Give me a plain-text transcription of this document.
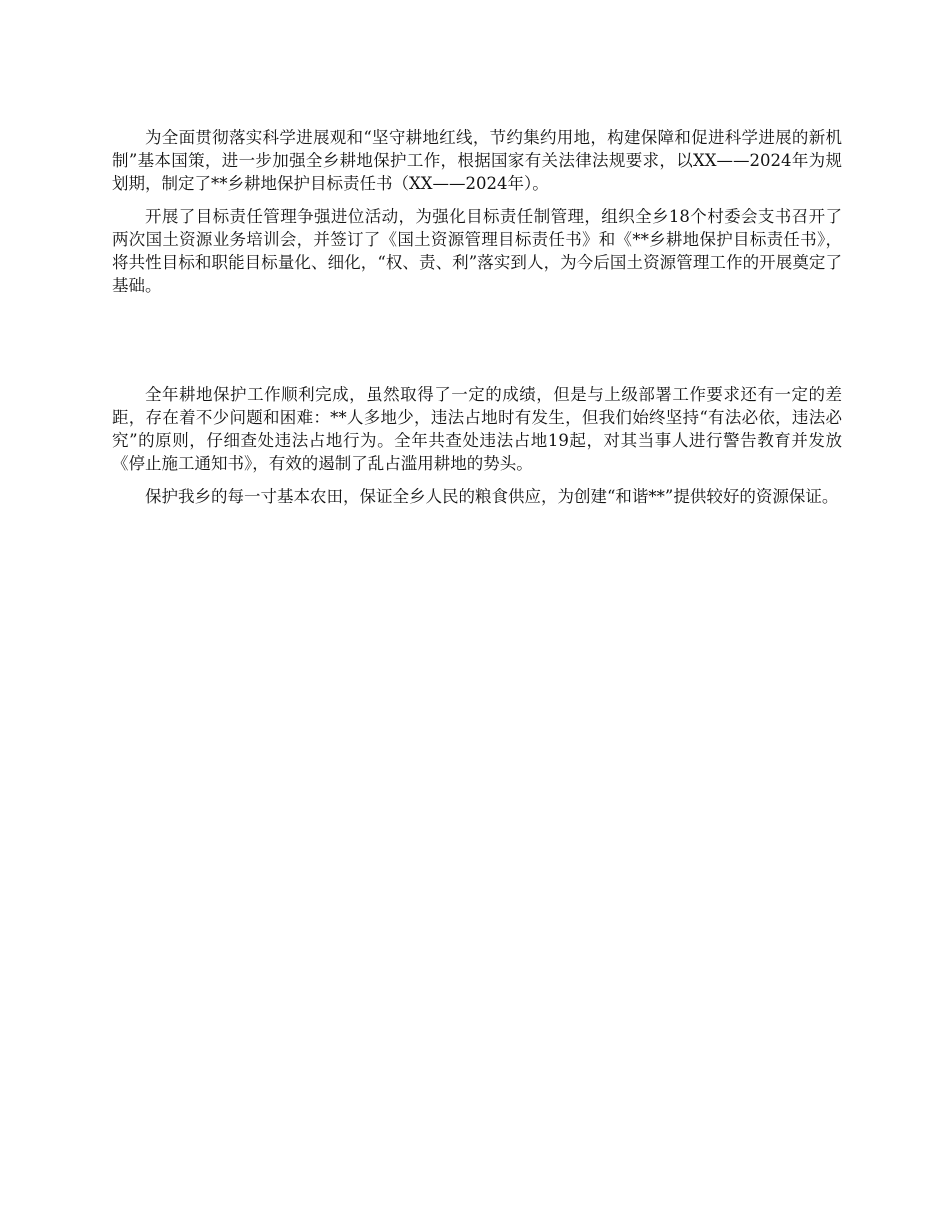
为全面贯彻落实科学进展观和“坚守耕地红线，节约集约用地，构建保障和促进科学进展的新机制”基本国策，进一步加强全乡耕地保护工作，根据国家有关法律法规要求，以XX——2024年为规划期，制定了**乡耕地保护目标责任书（XX——2024年）。

开展了目标责任管理争强进位活动，为强化目标责任制管理，组织全乡18个村委会支书召开了两次国土资源业务培训会，并签订了《国土资源管理目标责任书》和《**乡耕地保护目标责任书》，将共性目标和职能目标量化、细化，“权、责、利”落实到人，为今后国土资源管理工作的开展奠定了基础。

全年耕地保护工作顺利完成，虽然取得了一定的成绩，但是与上级部署工作要求还有一定的差距，存在着不少问题和困难：**人多地少，违法占地时有发生，但我们始终坚持“有法必依，违法必究”的原则，仔细查处违法占地行为。全年共查处违法占地19起，对其当事人进行警告教育并发放《停止施工通知书》，有效的遏制了乱占滥用耕地的势头。

保护我乡的每一寸基本农田，保证全乡人民的粮食供应，为创建“和谐**”提供较好的资源保证。
